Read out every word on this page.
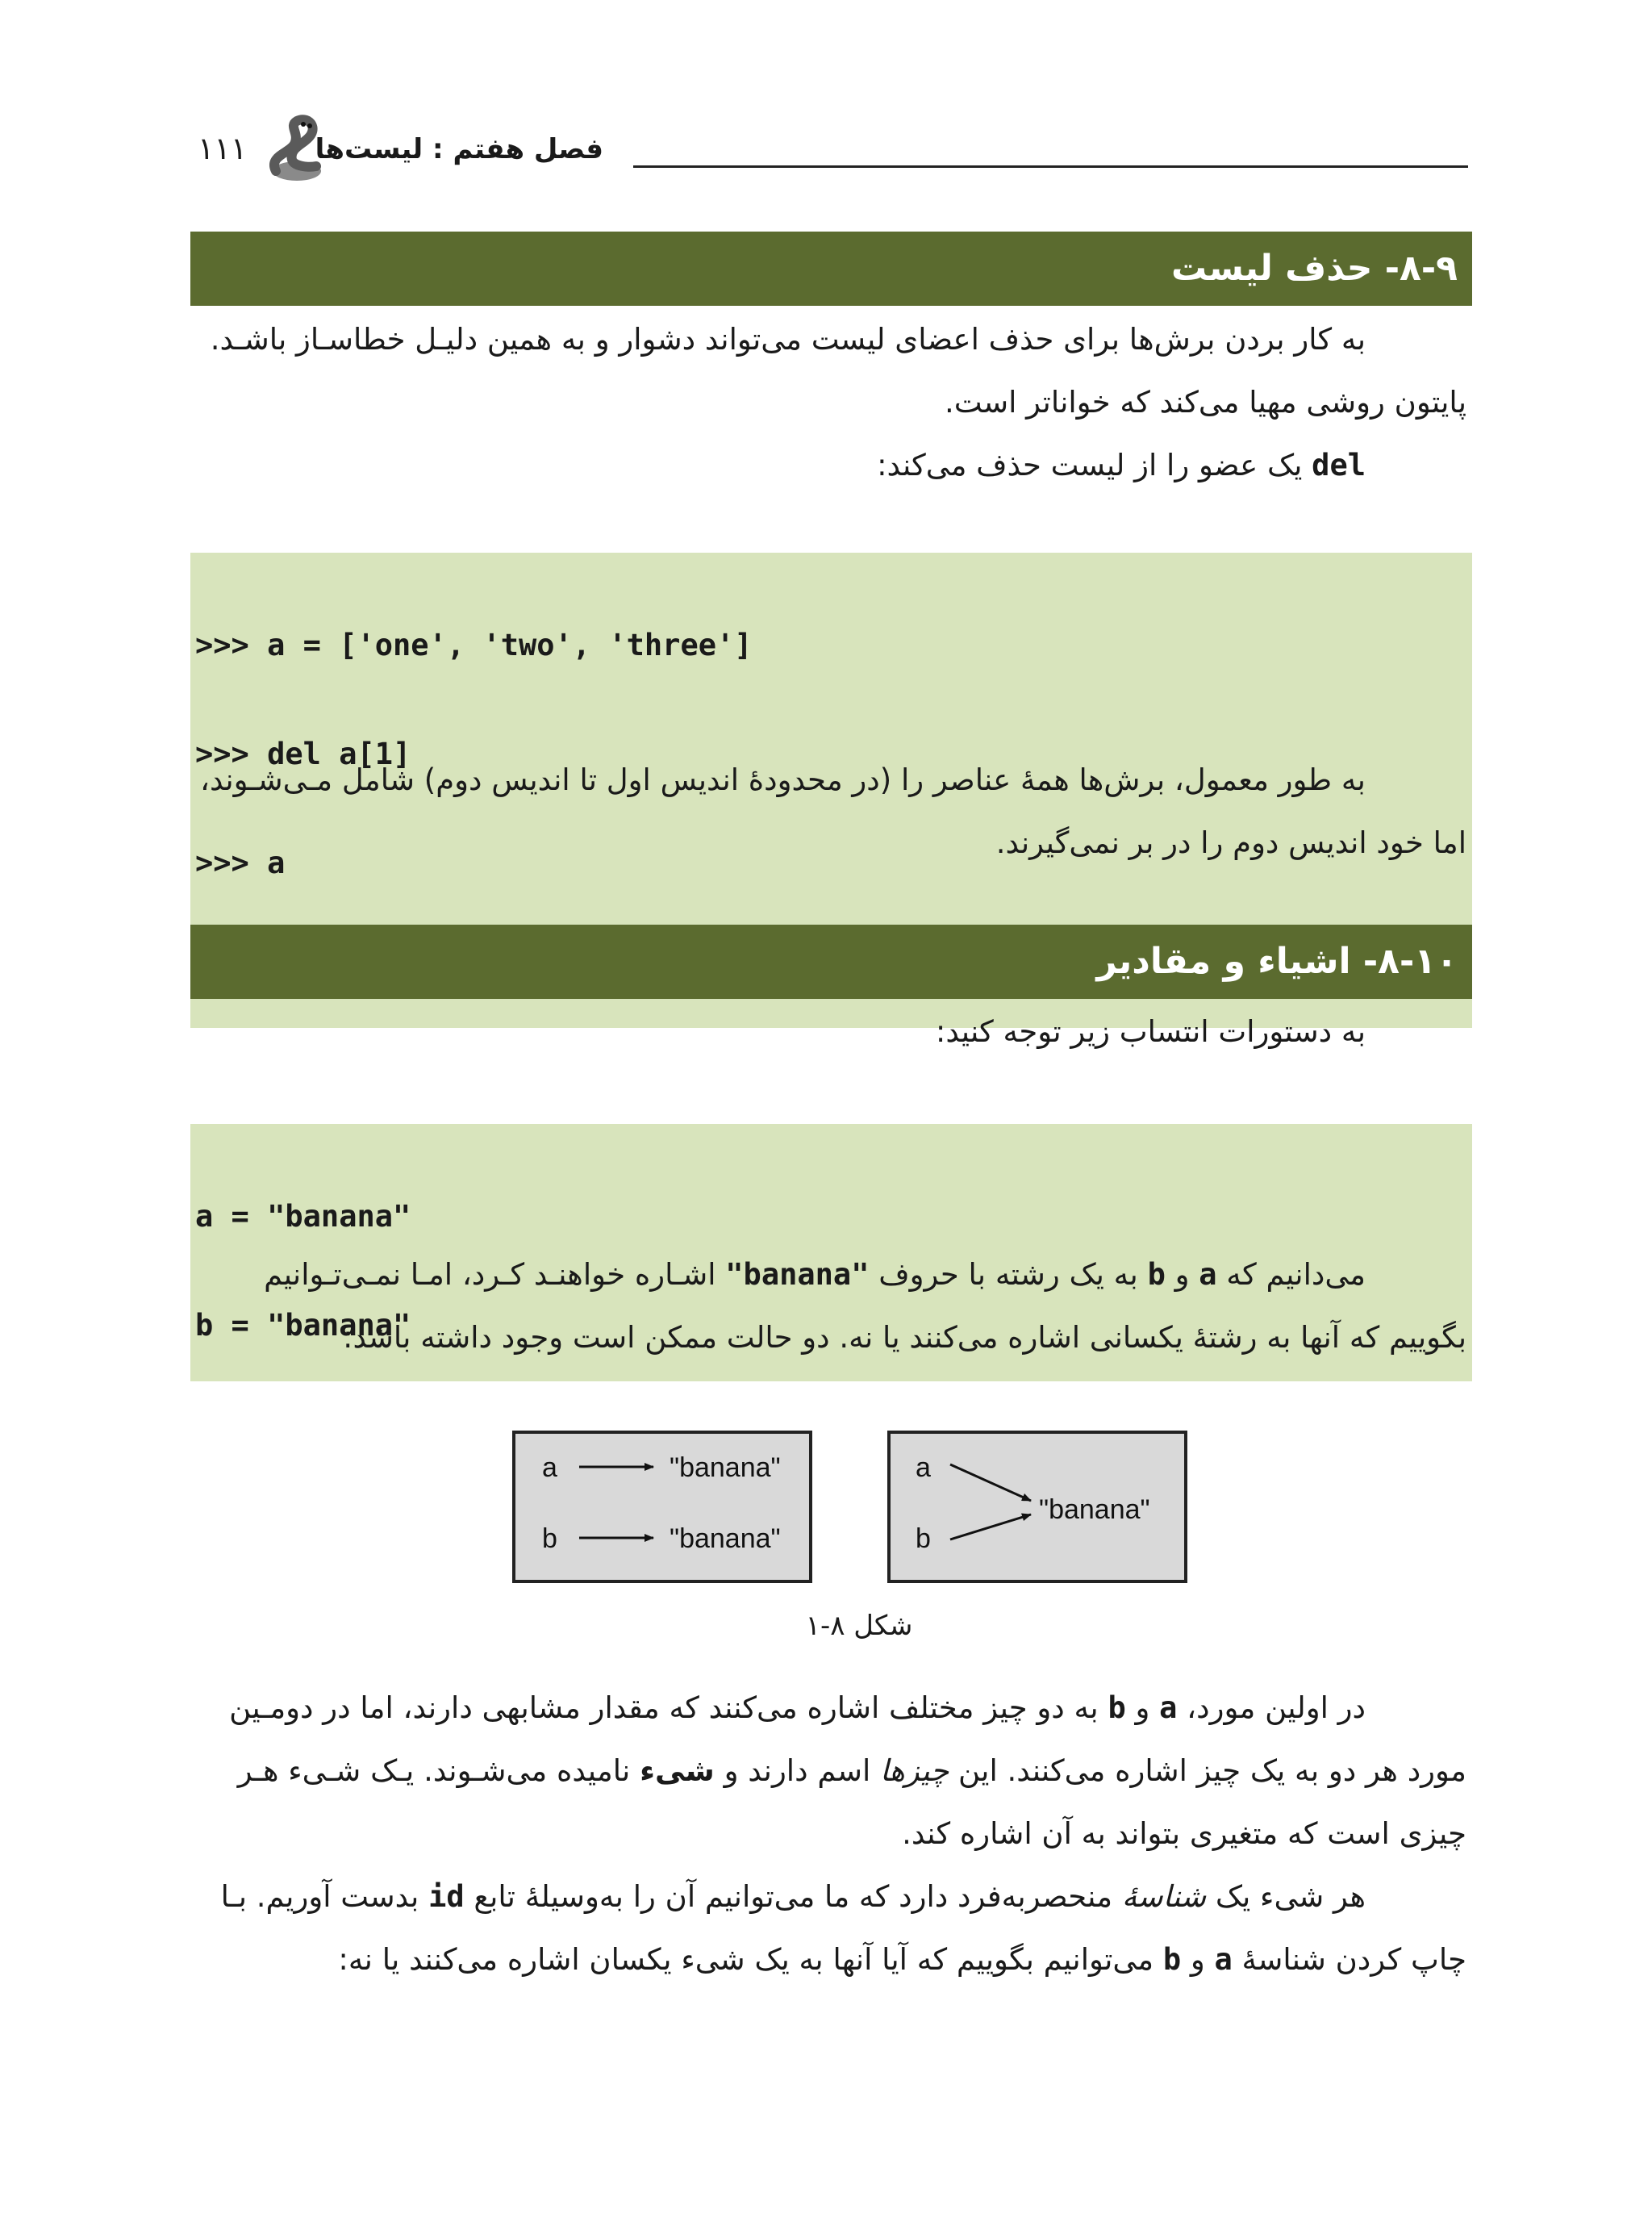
فصل هفتم : لیست‌ها
۱۱۱
۸-۹- حذف لیست
به کار بردن برش‌ها برای حذف اعضای لیست می‌تواند دشوار و به همین دلیـل خطاسـاز باشـد.
پایتون روشی مهیا می‌کند که خواناتر است.
del یک عضو را از لیست حذف می‌کند:

>>> a = ['one', 'two', 'three']

>>> del a[1]

>>> a

به طور معمول، برش‌ها همهٔ عناصر را (در محدودهٔ اندیس اول تا اندیس دوم) شامل مـی‌شـوند،
اما خود اندیس دوم را در بر نمی‌گیرند.
۸-۱۰- اشیاء و مقادیر
به دستورات انتساب زیر توجه کنید:

a = "banana"

b = "banana"

می‌دانیم که a و b به یک رشته با حروف "banana" اشـاره خواهنـد کـرد، امـا نمـی‌تـوانیم
بگوییم که آنها به رشتهٔ یکسانی اشاره می‌کنند یا نه. دو حالت ممکن است وجود داشته باشد:
a	"banana"
b	"banana"
a
b
"banana"
شکل ۸-۱
در اولین مورد، a و b به دو چیز مختلف اشاره می‌کنند که مقدار مشابهی دارند، اما در دومـین
مورد هر دو به یک چیز اشاره می‌کنند. این چیزها اسم دارند و شیء نامیده می‌شـوند. یـک شـیء هـر
چیزی است که متغیری بتواند به آن اشاره کند.
هر شیء یک شناسهٔ منحصربه‌فرد دارد که ما می‌توانیم آن را به‌وسیلهٔ تابع id بدست آوریم. بـا
چاپ کردن شناسهٔ a و b می‌توانیم بگوییم که آیا آنها به یک شیء یکسان اشاره می‌کنند یا نه:
